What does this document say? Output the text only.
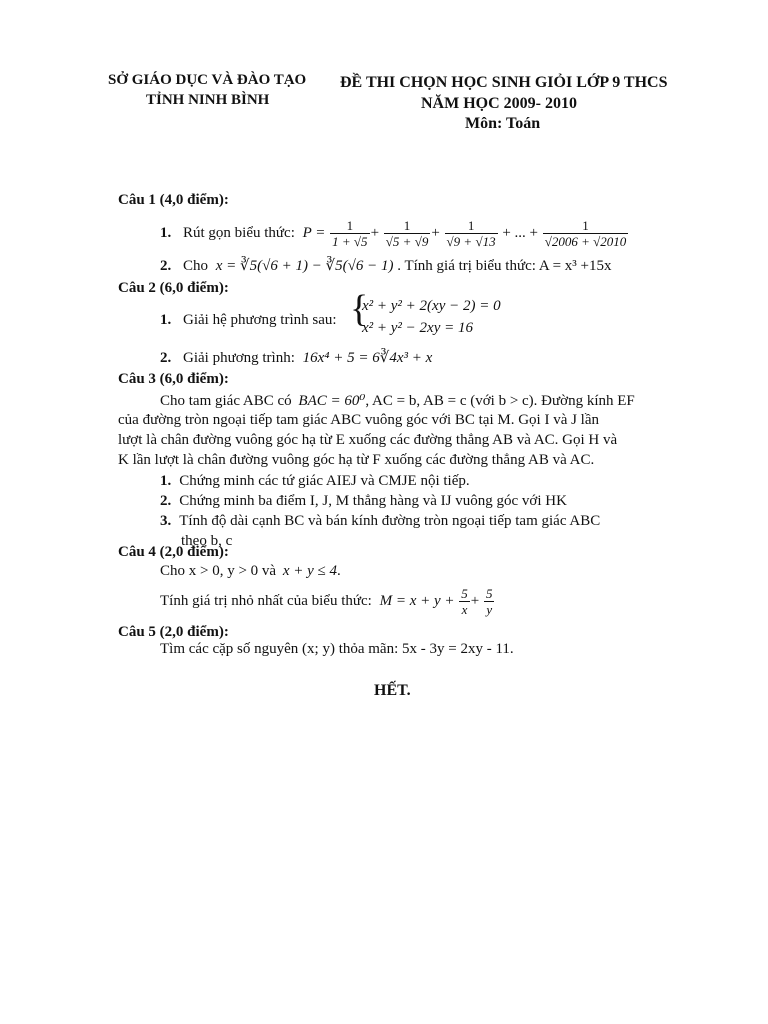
SỞ GIÁO DỤC VÀ ĐÀO TẠO
TỈNH NINH BÌNH
ĐỀ THI CHỌN HỌC SINH GIỎI LỚP 9 THCS
NĂM HỌC 2009- 2010
Môn: Toán
Câu 1 (4,0 điểm):
1. Rút gọn biểu thức: $P = \frac{1}{1 + √5} + \frac{1}{√5 + √9} + \frac{1}{√9 + √13}$ + ... + $\frac{1}{√2006 + √2010}$
2. Cho x = ∛5(√6 + 1) − ∛5(√6 − 1) . Tính giá trị biểu thức: A = x³ +15x
Câu 2 (6,0 điểm):
1. Giải hệ phương trình sau: {
x² + y² + 2(xy − 2) = 0
x² + y² − 2xy = 16
2. Giải phương trình: 16x⁴ + 5 = 6∛4x³ + x
Câu 3 (6,0 điểm):
Cho tam giác ABC có BAC = 60⁰, AC = b, AB = c (với b > c). Đường kính EF
của đường tròn ngoại tiếp tam giác ABC vuông góc với BC tại M. Gọi I và J lần
lượt là chân đường vuông góc hạ từ E xuống các đường thẳng AB và AC. Gọi H và
K lần lượt là chân đường vuông góc hạ từ F xuống các đường thẳng AB và AC.
1. Chứng minh các tứ giác AIEJ và CMJE nội tiếp.
2. Chứng minh ba điểm I, J, M thẳng hàng và IJ vuông góc với HK
3. Tính độ dài cạnh BC và bán kính đường tròn ngoại tiếp tam giác ABC
theo b, c
Câu 4 (2,0 điểm):
Cho x > 0, y > 0 và x + y ≤ 4.
Tính giá trị nhỏ nhất của biểu thức: $M = x + y + \frac{5}{x} + \frac{5}{y}$
Câu 5 (2,0 điểm):
Tìm các cặp số nguyên (x; y) thỏa mãn: 5x - 3y = 2xy - 11.
HẾT.
